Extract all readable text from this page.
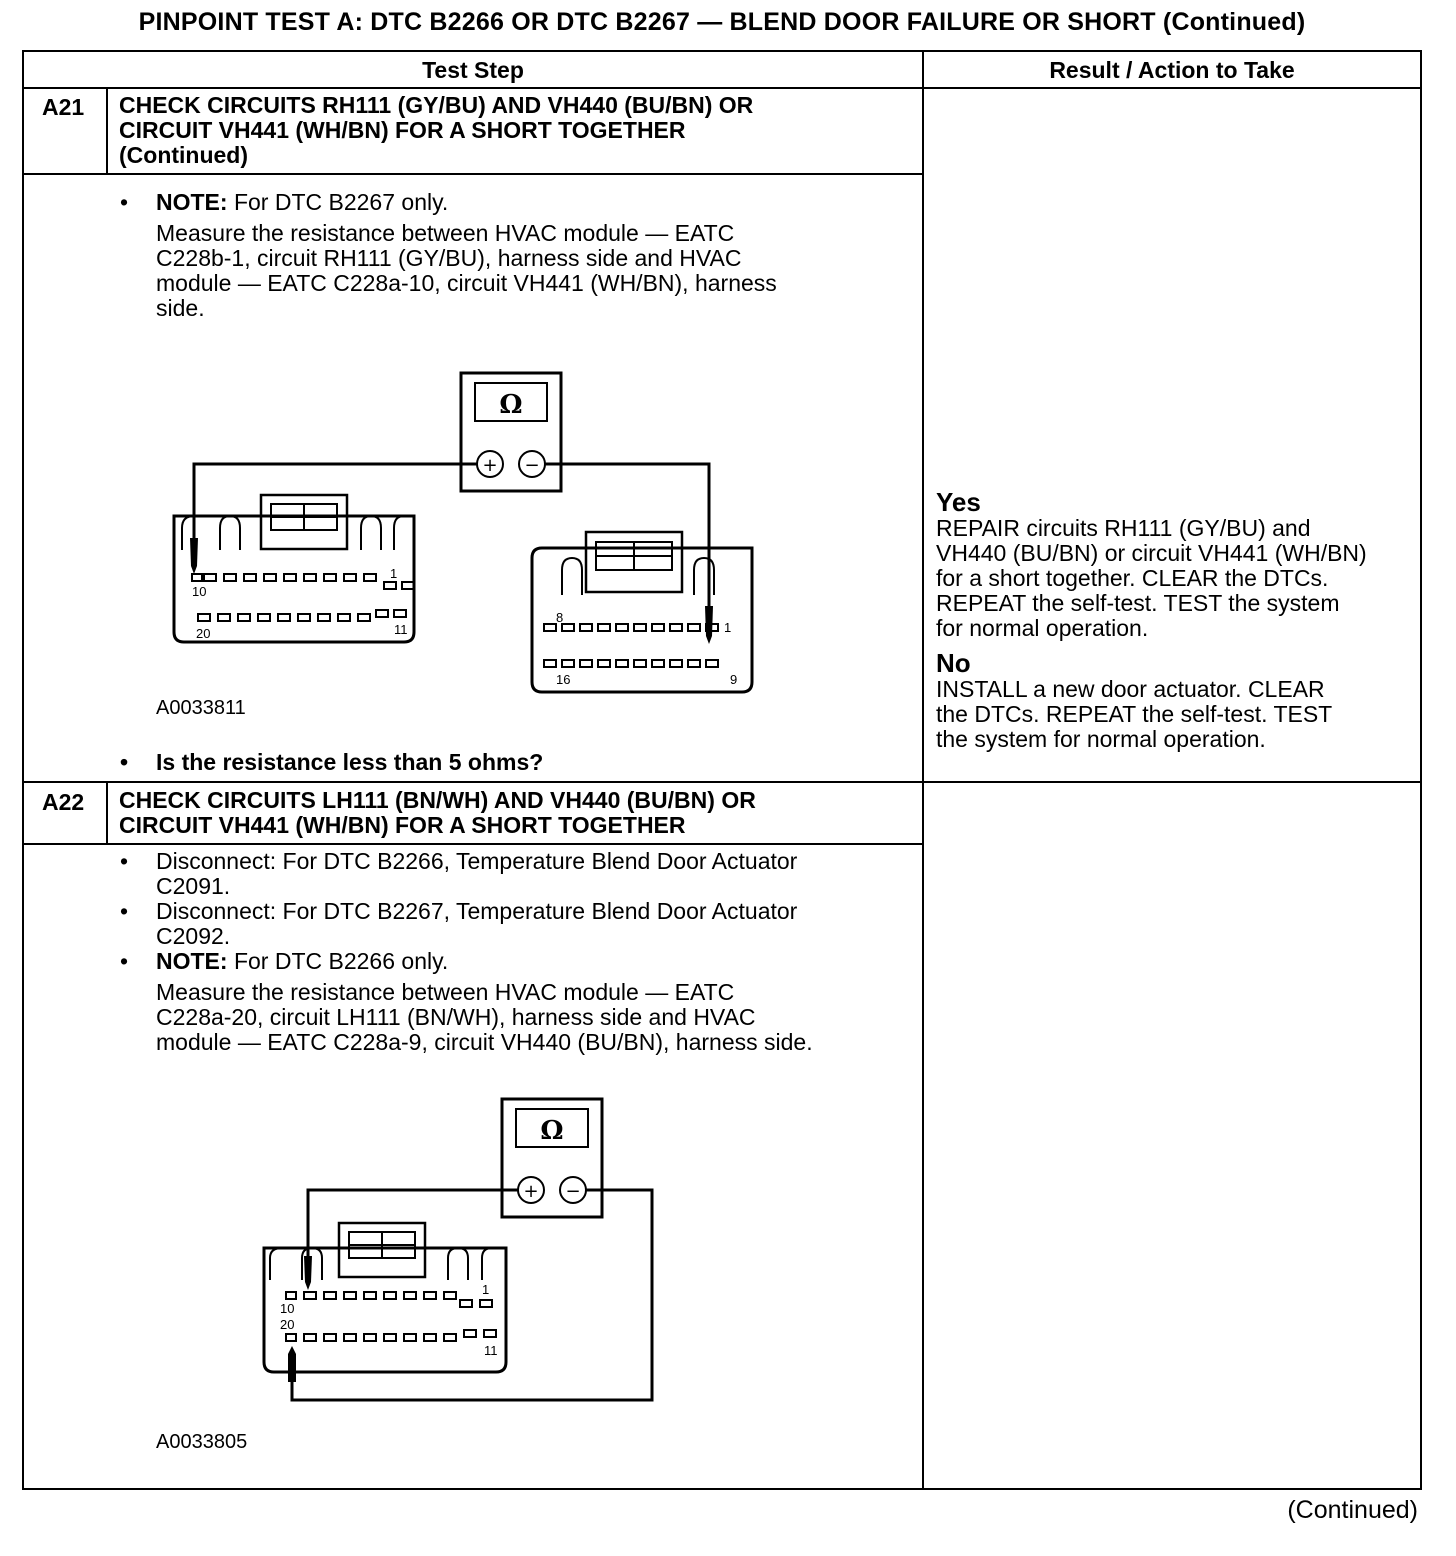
PINPOINT TEST A: DTC B2266 OR DTC B2267 — BLEND DOOR FAILURE OR SHORT (Continued)
Test Step	Result / Action to Take
A21 CHECK CIRCUITS RH111 (GY/BU) AND VH440 (BU/BN) OR
CIRCUIT VH441 (WH/BN) FOR A SHORT TOGETHER
(Continued)
• NOTE: For DTC B2267 only.
Measure the resistance between HVAC module — EATC
C228b-1, circuit RH111 (GY/BU), harness side and HVAC
module — EATC C228a-10, circuit VH441 (WH/BN), harness
side.
Ω
+ −
10
1
20	11
8
1
16	9
A0033811
• Is the resistance less than 5 ohms?
Yes
REPAIR circuits RH111 (GY/BU) and
VH440 (BU/BN) or circuit VH441 (WH/BN)
for a short together. CLEAR the DTCs.
REPEAT the self-test. TEST the system
for normal operation.
No
INSTALL a new door actuator. CLEAR
the DTCs. REPEAT the self-test. TEST
the system for normal operation.
A22 CHECK CIRCUITS LH111 (BN/WH) AND VH440 (BU/BN) OR
CIRCUIT VH441 (WH/BN) FOR A SHORT TOGETHER
• Disconnect: For DTC B2266, Temperature Blend Door Actuator
C2091.
• Disconnect: For DTC B2267, Temperature Blend Door Actuator
C2092.
• NOTE: For DTC B2266 only.
Measure the resistance between HVAC module — EATC
C228a-20, circuit LH111 (BN/WH), harness side and HVAC
module — EATC C228a-9, circuit VH440 (BU/BN), harness side.
Ω
+ −
10
1
20
11
A0033805
(Continued)
